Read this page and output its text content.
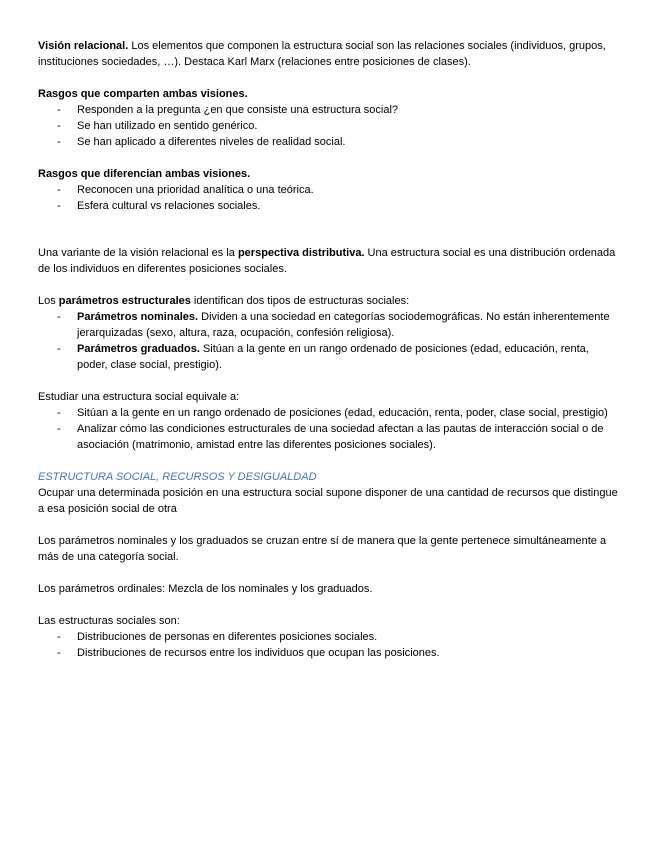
Visión relacional. Los elementos que componen la estructura social son las relaciones sociales (individuos, grupos, instituciones sociedades, …). Destaca Karl Marx (relaciones entre posiciones de clases).

Rasgos que comparten ambas visiones.

- Responden a la pregunta ¿en que consiste una estructura social?
- Se han utilizado en sentido genérico.
- Se han aplicado a diferentes niveles de realidad social.

Rasgos que diferencian ambas visiones.

- Reconocen una prioridad analítica o una teórica.
- Esfera cultural vs relaciones sociales.

Una variante de la visión relacional es la perspectiva distributiva. Una estructura social es una distribución ordenada de los individuos en diferentes posiciones sociales.

Los parámetros estructurales identifican dos tipos de estructuras sociales:

- Parámetros nominales. Dividen a una sociedad en categorías sociodemográficas. No están inherentemente jerarquizadas (sexo, altura, raza, ocupación, confesión religiosa).
- Parámetros graduados. Sitúan a la gente en un rango ordenado de posiciones (edad, educación, renta, poder, clase social, prestigio).

Estudiar una estructura social equivale a:

- Sitúan a la gente en un rango ordenado de posiciones (edad, educación, renta, poder, clase social, prestigio)
- Analizar cómo las condiciones estructurales de una sociedad afectan a las pautas de interacción social o de asociación (matrimonio, amistad entre las diferentes posiciones sociales).

ESTRUCTURA SOCIAL, RECURSOS Y DESIGUALDAD

Ocupar una determinada posición en una estructura social supone disponer de una cantidad de recursos que distingue a esa posición social de otra

Los parámetros nominales y los graduados se cruzan entre sí de manera que la gente pertenece simultáneamente a más de una categoría social.

Los parámetros ordinales: Mezcla de los nominales y los graduados.

Las estructuras sociales son:

- Distribuciones de personas en diferentes posiciones sociales.
- Distribuciones de recursos entre los individuos que ocupan las posiciones.
